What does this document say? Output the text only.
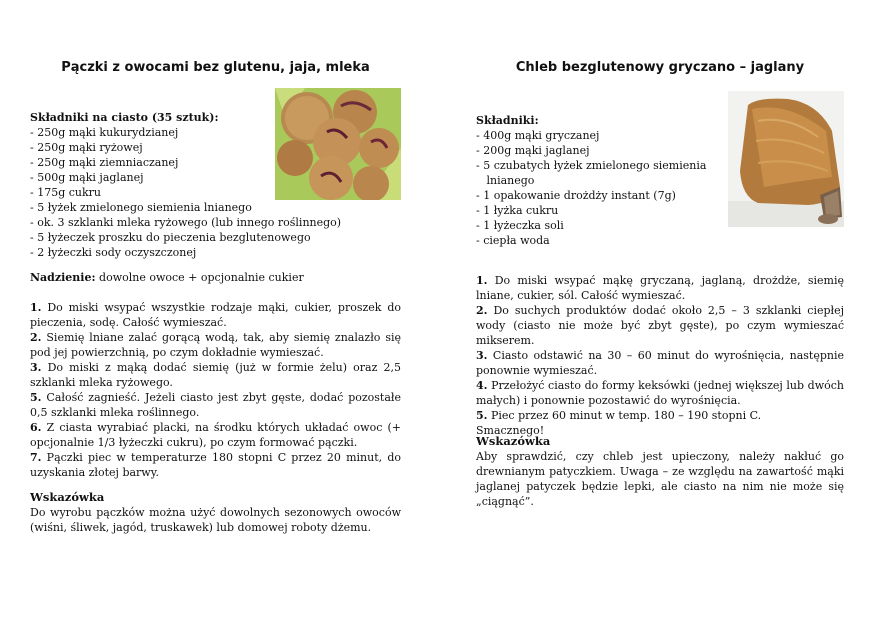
Pączki z owocami bez glutenu, jaja, mleka
Składniki na ciasto (35 sztuk):
- 250g mąki kukurydzianej
- 250g mąki ryżowej
- 250g mąki ziemniaczanej
- 500g mąki jaglanej
- 175g cukru
- 5 łyżek zmielonego siemienia lnianego
- ok. 3 szklanki mleka ryżowego (lub innego roślinnego)
- 5 łyżeczek proszku do pieczenia bezglutenowego
- 2 łyżeczki sody oczyszczonej

Nadzienie: dowolne owoce + opcjonalnie cukier

1. Do miski wsypać wszystkie rodzaje mąki, cukier, proszek do pieczenia, sodę. Całość wymieszać.
2. Siemię lniane zalać gorącą wodą, tak, aby siemię znalazło się pod jej powierzchnią, po czym dokładnie wymieszać.
3. Do miski z mąką dodać siemię (już w formie żelu) oraz 2,5 szklanki mleka ryżowego.
5. Całość zagnieść. Jeżeli ciasto jest zbyt gęste, dodać pozostałe 0,5 szklanki mleka roślinnego.
6. Z ciasta wyrabiać placki, na środku których układać owoc (+ opcjonalnie 1/3 łyżeczki cukru), po czym formować pączki.
7. Pączki piec w temperaturze 180 stopni C przez 20 minut, do uzyskania złotej barwy.

Wskazówka

Do wyrobu pączków można użyć dowolnych sezonowych owoców (wiśni, śliwek, jagód, truskawek) lub domowej roboty dżemu.

Chleb bezglutenowy gryczano – jaglany
Składniki:
- 400g mąki gryczanej
- 200g mąki jaglanej
- 5 czubatych łyżek zmielonego siemienia
lnianego
- 1 opakowanie drożdży instant (7g)
- 1 łyżka cukru
- 1 łyżeczka soli
- ciepła woda
1. Do miski wsypać mąkę gryczaną, jaglaną, drożdże, siemię lniane, cukier, sól. Całość wymieszać.
2. Do suchych produktów dodać około 2,5 – 3 szklanki ciepłej wody (ciasto nie może być zbyt gęste), po czym wymieszać mikserem.
3. Ciasto odstawić na 30 – 60 minut do wyrośnięcia, następnie ponownie wymieszać.
4. Przełożyć ciasto do formy keksówki (jednej większej lub dwóch małych) i ponownie pozostawić do wyrośnięcia.
5. Piec przez 60 minut w temp. 180 – 190 stopni C.
Smacznego!

Wskazówka

Aby sprawdzić, czy chleb jest upieczony, należy nakłuć go drewnianym patyczkiem. Uwaga – ze względu na zawartość mąki jaglanej patyczek będzie lepki, ale ciasto na nim nie może się „ciągnąć”.
